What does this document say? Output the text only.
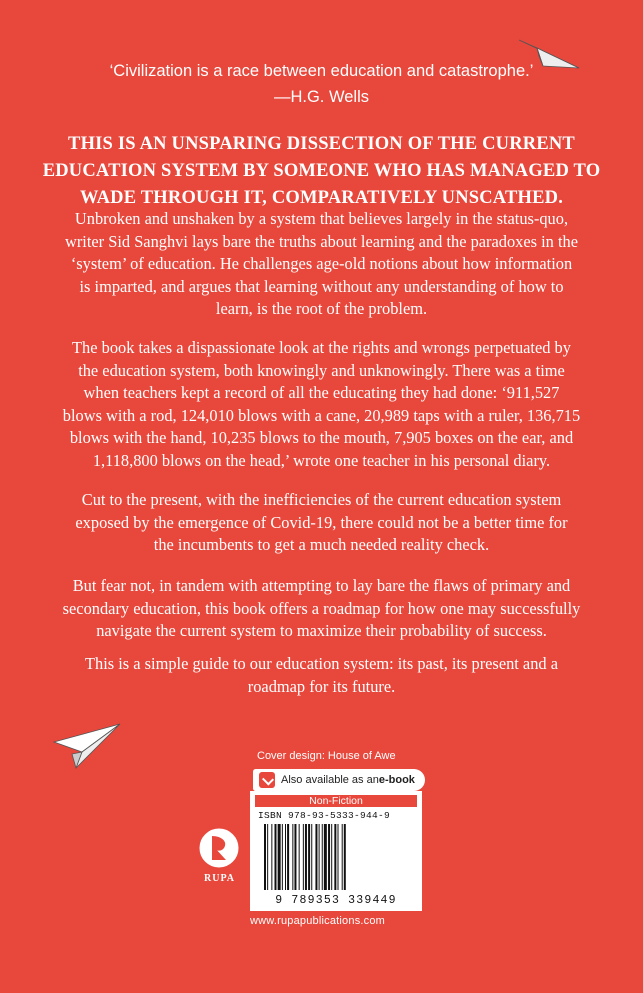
‘Civilization is a race between education and catastrophe.’
—H.G. Wells
THIS IS AN UNSPARING DISSECTION OF THE CURRENT
EDUCATION SYSTEM BY SOMEONE WHO HAS MANAGED TO
WADE THROUGH IT, COMPARATIVELY UNSCATHED.
Unbroken and unshaken by a system that believes largely in the status-quo,
writer Sid Sanghvi lays bare the truths about learning and the paradoxes in the
‘system’ of education. He challenges age-old notions about how information
is imparted, and argues that learning without any understanding of how to
learn, is the root of the problem.
The book takes a dispassionate look at the rights and wrongs perpetuated by
the education system, both knowingly and unknowingly. There was a time
when teachers kept a record of all the educating they had done: ‘911,527
blows with a rod, 124,010 blows with a cane, 20,989 taps with a ruler, 136,715
blows with the hand, 10,235 blows to the mouth, 7,905 boxes on the ear, and
1,118,800 blows on the head,’ wrote one teacher in his personal diary.
Cut to the present, with the inefficiencies of the current education system
exposed by the emergence of Covid-19, there could not be a better time for
the incumbents to get a much needed reality check.
But fear not, in tandem with attempting to lay bare the flaws of primary and
secondary education, this book offers a roadmap for how one may successfully
navigate the current system to maximize their probability of success.
This is a simple guide to our education system: its past, its present and a
roadmap for its future.
Cover design: House of Awe
Also available as an e-book
Non-Fiction
ISBN 978-93-5333-944-9
9 789353 339449
RUPA
www.rupapublications.com
